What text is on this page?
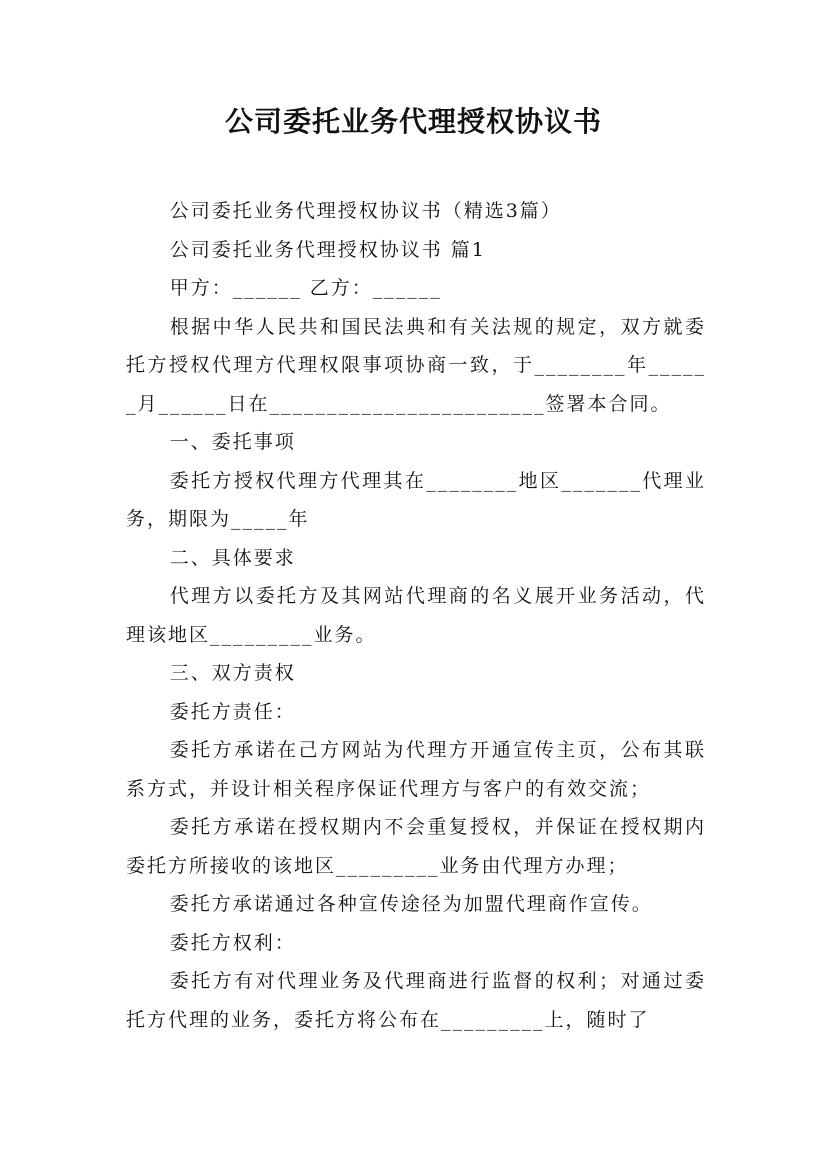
公司委托业务代理授权协议书

公司委托业务代理授权协议书（精选3篇）

公司委托业务代理授权协议书 篇1

甲方：______ 乙方：______

根据中华人民共和国民法典和有关法规的规定，双方就委托方授权代理方代理权限事项协商一致，于________年______月______日在________________________签署本合同。

一、委托事项

委托方授权代理方代理其在________地区_______代理业务，期限为_____年

二、具体要求

代理方以委托方及其网站代理商的名义展开业务活动，代理该地区_________业务。

三、双方责权

委托方责任：

委托方承诺在己方网站为代理方开通宣传主页，公布其联系方式，并设计相关程序保证代理方与客户的有效交流；

委托方承诺在授权期内不会重复授权，并保证在授权期内委托方所接收的该地区_________业务由代理方办理；

委托方承诺通过各种宣传途径为加盟代理商作宣传。

委托方权利：

委托方有对代理业务及代理商进行监督的权利；对通过委托方代理的业务，委托方将公布在_________上，随时了
